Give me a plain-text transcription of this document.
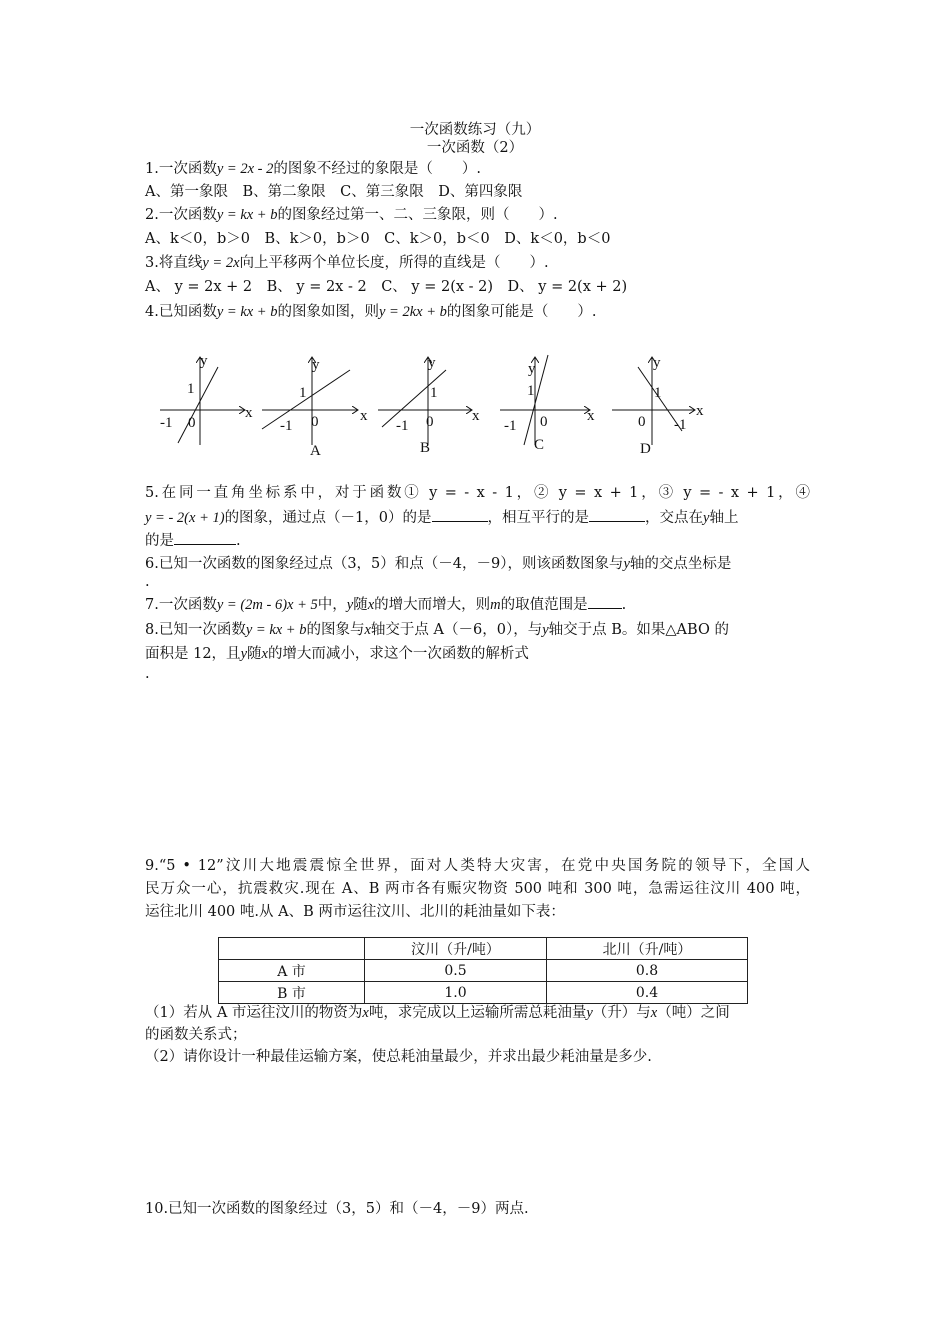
一次函数练习（九）
一次函数（2）
1.一次函数y = 2x - 2的图象不经过的象限是（　　）.
A、第一象限　B、第二象限　C、第三象限　D、第四象限
2.一次函数y = kx + b的图象经过第一、二、三象限，则（　　）.
A、k＜0，b＞0　B、k＞0，b＞0　C、k＞0，b＜0　D、k＜0，b＜0
3.将直线y = 2x向上平移两个单位长度，所得的直线是（　　）.
A、 y = 2x + 2　B、 y = 2x - 2　C、 y = 2(x - 2)　D、 y = 2(x + 2)
4.已知函数y = kx + b的图象如图，则y = 2kx + b的图象可能是（　　）.
y
x
1
0
-1
y
x
1
0
-1
A
y
x
1
0
-1
B
y
x
1
0
-1
C
y
x
1
0 -1
D
5.在同一直角坐标系中，对于函数① y = - x - 1，② y = x + 1，③ y = - x + 1，④
y = - 2(x + 1)的图象，通过点（－1，0）的是	，相互平行的是	，交点在y轴上
的是	.
6.已知一次函数的图象经过点（3，5）和点（－4，－9），则该函数图象与y轴的交点坐标是
.
7.一次函数y = (2m - 6)x + 5中，y随x的增大而增大，则m的取值范围是 .
8.已知一次函数y = kx + b的图象与x轴交于点 A（－6，0），与y轴交于点 B。如果△ABO 的
面积是 12，且y随x的增大而减小，求这个一次函数的解析式
.
9.“5 • 12”汶川大地震震惊全世界，面对人类特大灾害，在党中央国务院的领导下，全国人
民万众一心，抗震救灾.现在 A、B 两市各有赈灾物资 500 吨和 300 吨，急需运往汶川 400 吨，
运往北川 400 吨.从 A、B 两市运往汶川、北川的耗油量如下表：
	汶川（升/吨）	北川（升/吨）
A 市	0.5	0.8
B 市	1.0	0.4
（1）若从 A 市运往汶川的物资为x吨，求完成以上运输所需总耗油量y（升）与x（吨）之间
的函数关系式；
（2）请你设计一种最佳运输方案，使总耗油量最少，并求出最少耗油量是多少.
10.已知一次函数的图象经过（3，5）和（－4，－9）两点.
